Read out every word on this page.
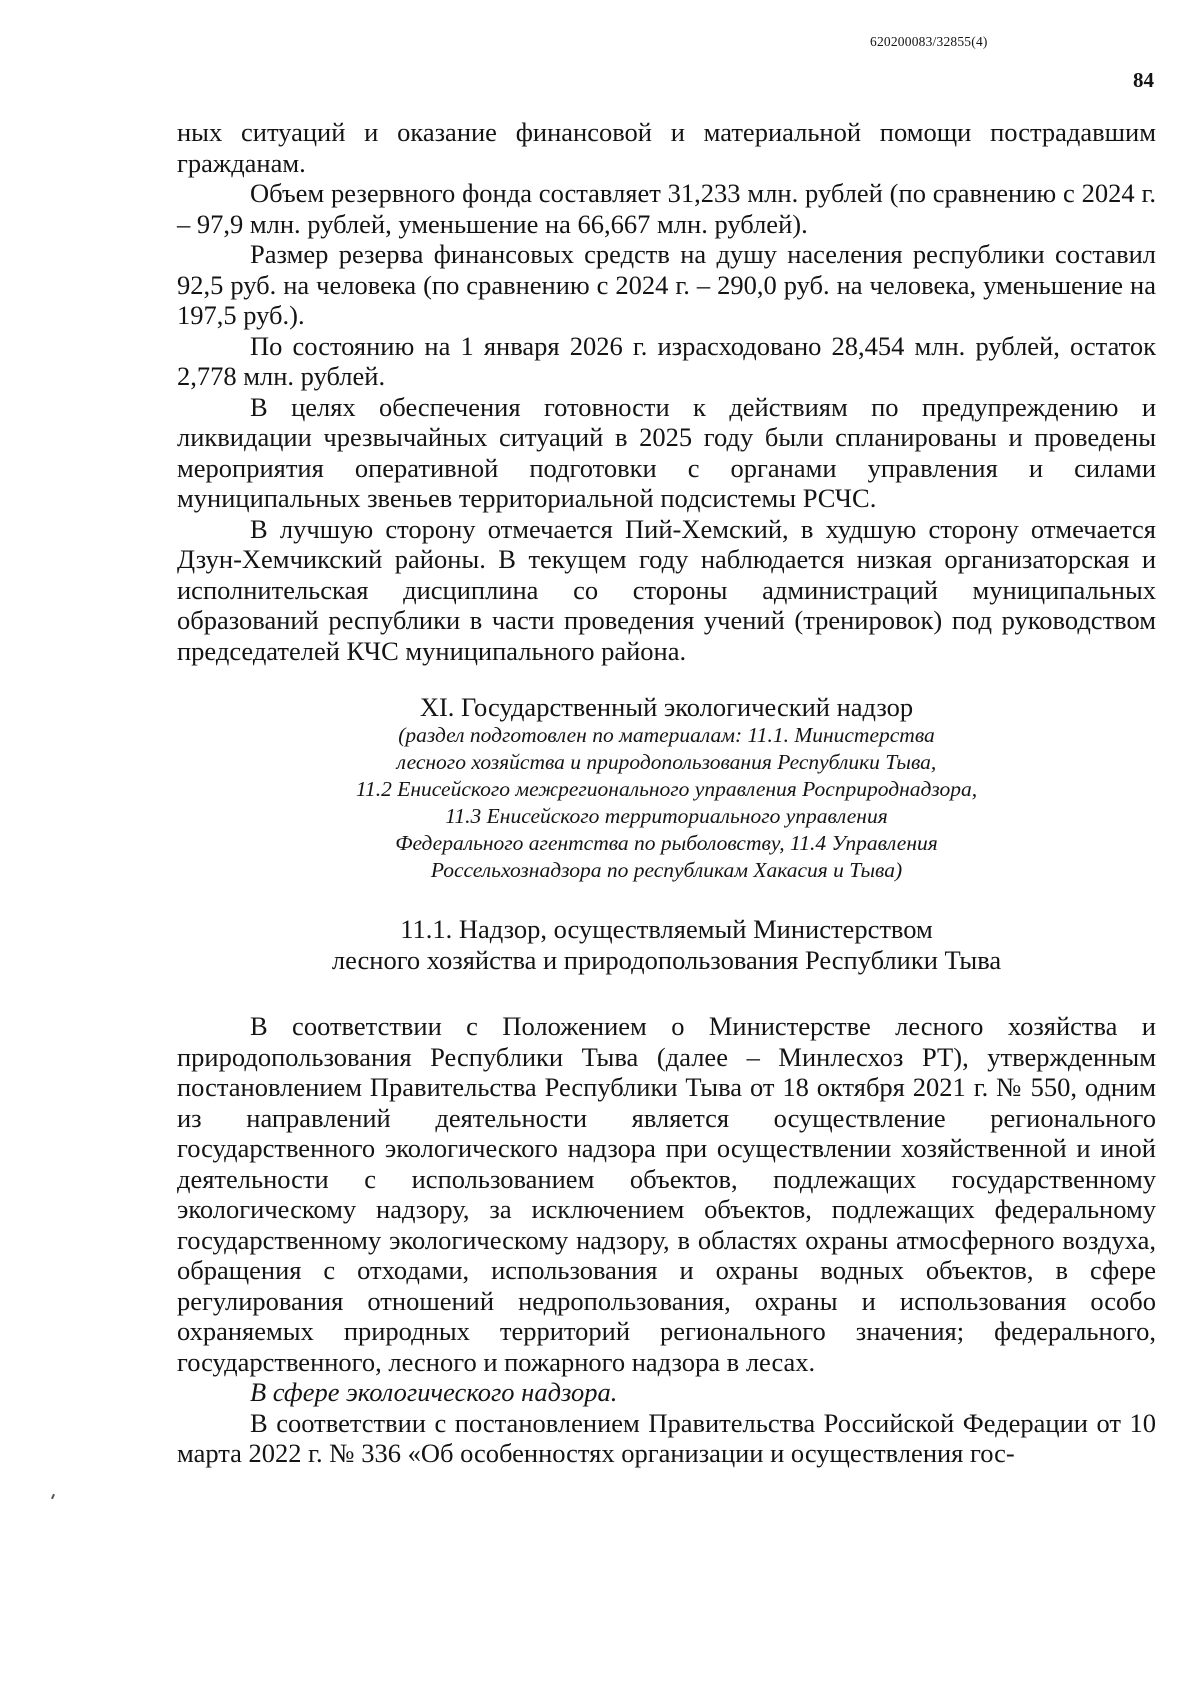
620200083/32855(4)
84

ных ситуаций и оказание финансовой и материальной помощи пострадавшим гражданам.

Объем резервного фонда составляет 31,233 млн. рублей (по сравнению с 2024 г. – 97,9 млн. рублей, уменьшение на 66,667 млн. рублей).

Размер резерва финансовых средств на душу населения республики составил 92,5 руб. на человека (по сравнению с 2024 г. – 290,0 руб. на человека, уменьшение на 197,5 руб.).

По состоянию на 1 января 2026 г. израсходовано 28,454 млн. рублей, остаток 2,778 млн. рублей.

В целях обеспечения готовности к действиям по предупреждению и ликвидации чрезвычайных ситуаций в 2025 году были спланированы и проведены мероприятия оперативной подготовки с органами управления и силами муниципальных звеньев территориальной подсистемы РСЧС.

В лучшую сторону отмечается Пий-Хемский, в худшую сторону отмечается Дзун-Хемчикский районы. В текущем году наблюдается низкая организаторская и исполнительская дисциплина со стороны администраций муниципальных образований республики в части проведения учений (тренировок) под руководством председателей КЧС муниципального района.

XI. Государственный экологический надзор
(раздел подготовлен по материалам: 11.1. Министерства
лесного хозяйства и природопользования Республики Тыва,
11.2 Енисейского межрегионального управления Росприроднадзора,
11.3 Енисейского территориального управления
Федерального агентства по рыболовству, 11.4 Управления
Россельхознадзора по республикам Хакасия и Тыва)
11.1. Надзор, осуществляемый Министерством
лесного хозяйства и природопользования Республики Тыва

В соответствии с Положением о Министерстве лесного хозяйства и природопользования Республики Тыва (далее – Минлесхоз РТ), утвержденным постановлением Правительства Республики Тыва от 18 октября 2021 г. № 550, одним из направлений деятельности является осуществление регионального государственного экологического надзора при осуществлении хозяйственной и иной деятельности с использованием объектов, подлежащих государственному экологическому надзору, за исключением объектов, подлежащих федеральному государственному экологическому надзору, в областях охраны атмосферного воздуха, обращения с отходами, использования и охраны водных объектов, в сфере регулирования отношений недропользования, охраны и использования особо охраняемых природных территорий регионального значения; федерального, государственного, лесного и пожарного надзора в лесах.

В сфере экологического надзора.

В соответствии с постановлением Правительства Российской Федерации от 10 марта 2022 г. № 336 «Об особенностях организации и осуществления гос-
